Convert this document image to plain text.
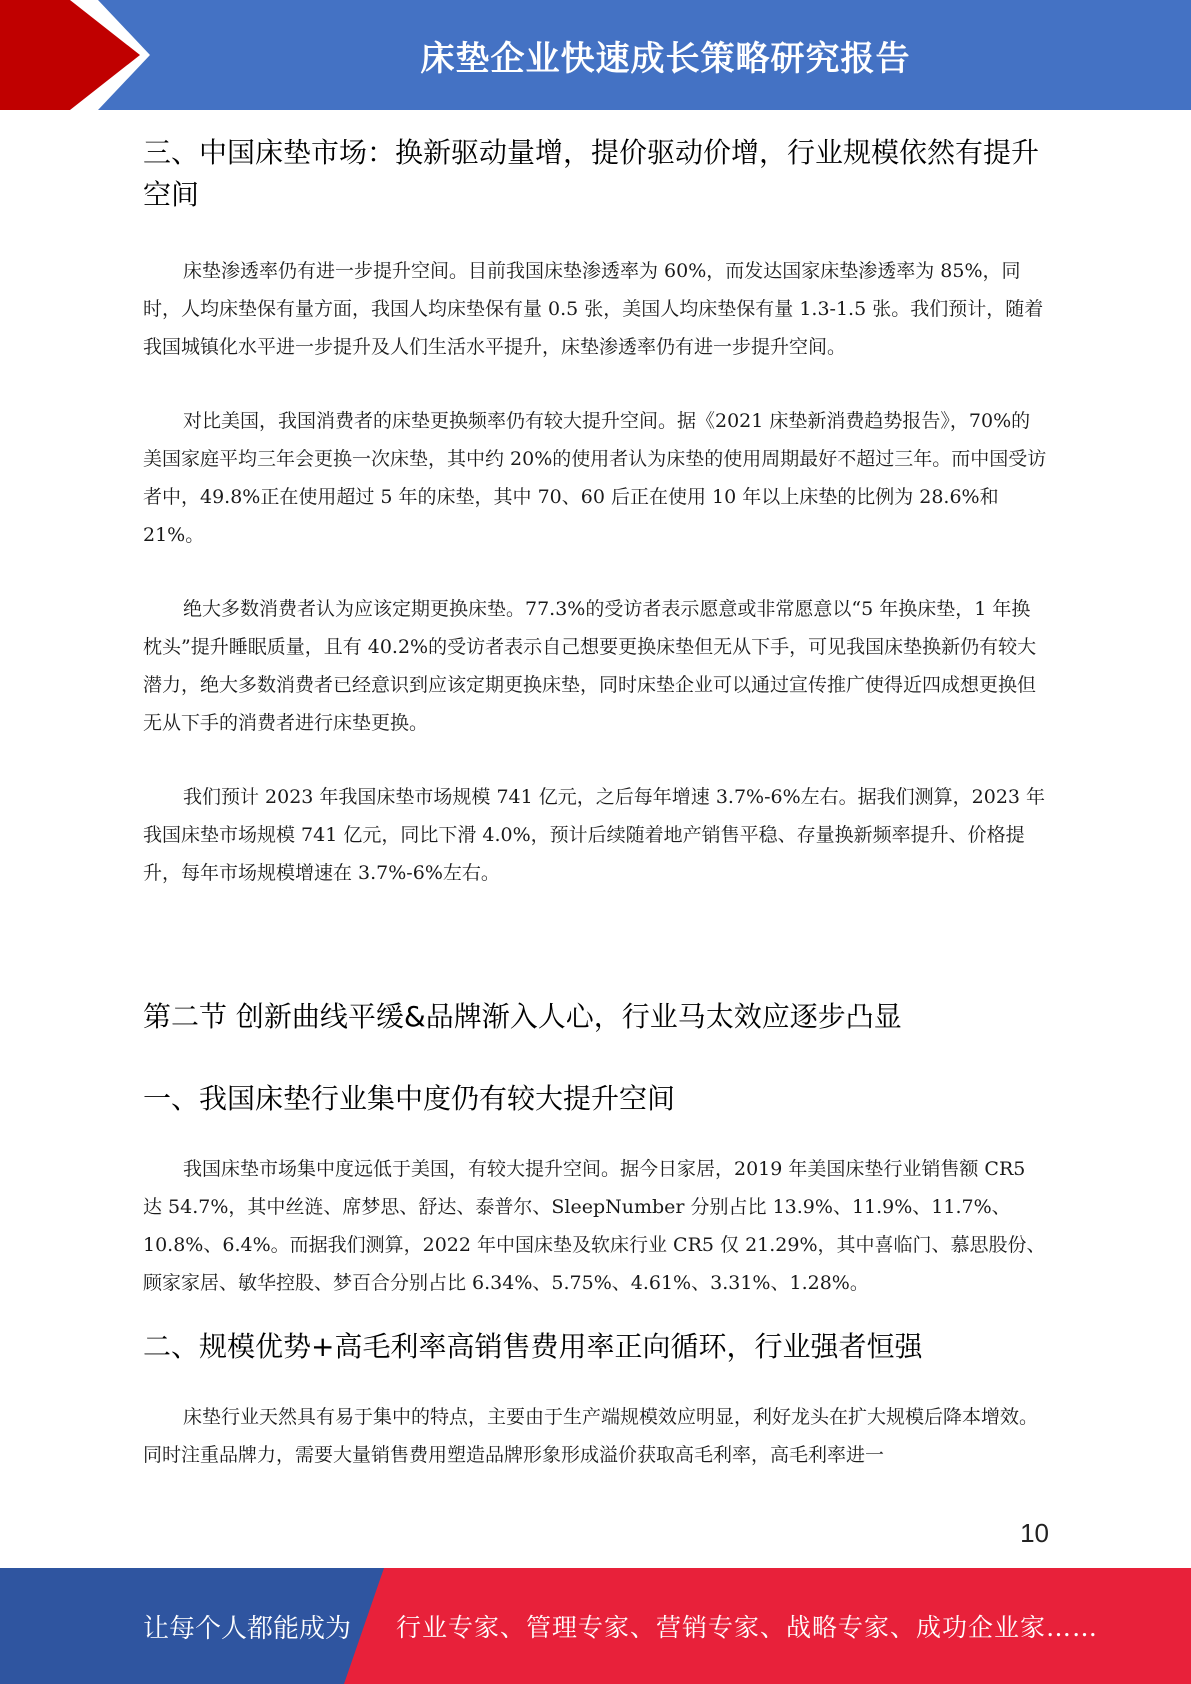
床垫企业快速成长策略研究报告
三、中国床垫市场：换新驱动量增，提价驱动价增，行业规模依然有提升空间

床垫渗透率仍有进一步提升空间。目前我国床垫渗透率为 60%，而发达国家床垫渗透率为 85%，同时，人均床垫保有量方面，我国人均床垫保有量 0.5 张，美国人均床垫保有量 1.3-1.5 张。我们预计，随着我国城镇化水平进一步提升及人们生活水平提升，床垫渗透率仍有进一步提升空间。

对比美国，我国消费者的床垫更换频率仍有较大提升空间。据《2021 床垫新消费趋势报告》，70%的美国家庭平均三年会更换一次床垫，其中约 20%的使用者认为床垫的使用周期最好不超过三年。而中国受访者中，49.8%正在使用超过 5 年的床垫，其中 70、60 后正在使用 10 年以上床垫的比例为 28.6%和 21%。

绝大多数消费者认为应该定期更换床垫。77.3%的受访者表示愿意或非常愿意以“5 年换床垫，1 年换枕头”提升睡眠质量，且有 40.2%的受访者表示自己想要更换床垫但无从下手，可见我国床垫换新仍有较大潜力，绝大多数消费者已经意识到应该定期更换床垫，同时床垫企业可以通过宣传推广使得近四成想更换但无从下手的消费者进行床垫更换。

我们预计 2023 年我国床垫市场规模 741 亿元，之后每年增速 3.7%-6%左右。据我们测算，2023 年我国床垫市场规模 741 亿元，同比下滑 4.0%，预计后续随着地产销售平稳、存量换新频率提升、价格提升，每年市场规模增速在 3.7%-6%左右。

第二节 创新曲线平缓&品牌渐入人心，行业马太效应逐步凸显
一、我国床垫行业集中度仍有较大提升空间

我国床垫市场集中度远低于美国，有较大提升空间。据今日家居，2019 年美国床垫行业销售额 CR5 达 54.7%，其中丝涟、席梦思、舒达、泰普尔、SleepNumber 分别占比 13.9%、11.9%、11.7%、10.8%、6.4%。而据我们测算，2022 年中国床垫及软床行业 CR5 仅 21.29%，其中喜临门、慕思股份、顾家家居、敏华控股、梦百合分别占比 6.34%、5.75%、4.61%、3.31%、1.28%。

二、规模优势+高毛利率高销售费用率正向循环，行业强者恒强

床垫行业天然具有易于集中的特点，主要由于生产端规模效应明显，利好龙头在扩大规模后降本增效。同时注重品牌力，需要大量销售费用塑造品牌形象形成溢价获取高毛利率，高毛利率进一

10
让每个人都能成为 行业专家、管理专家、营销专家、战略专家、成功企业家……
